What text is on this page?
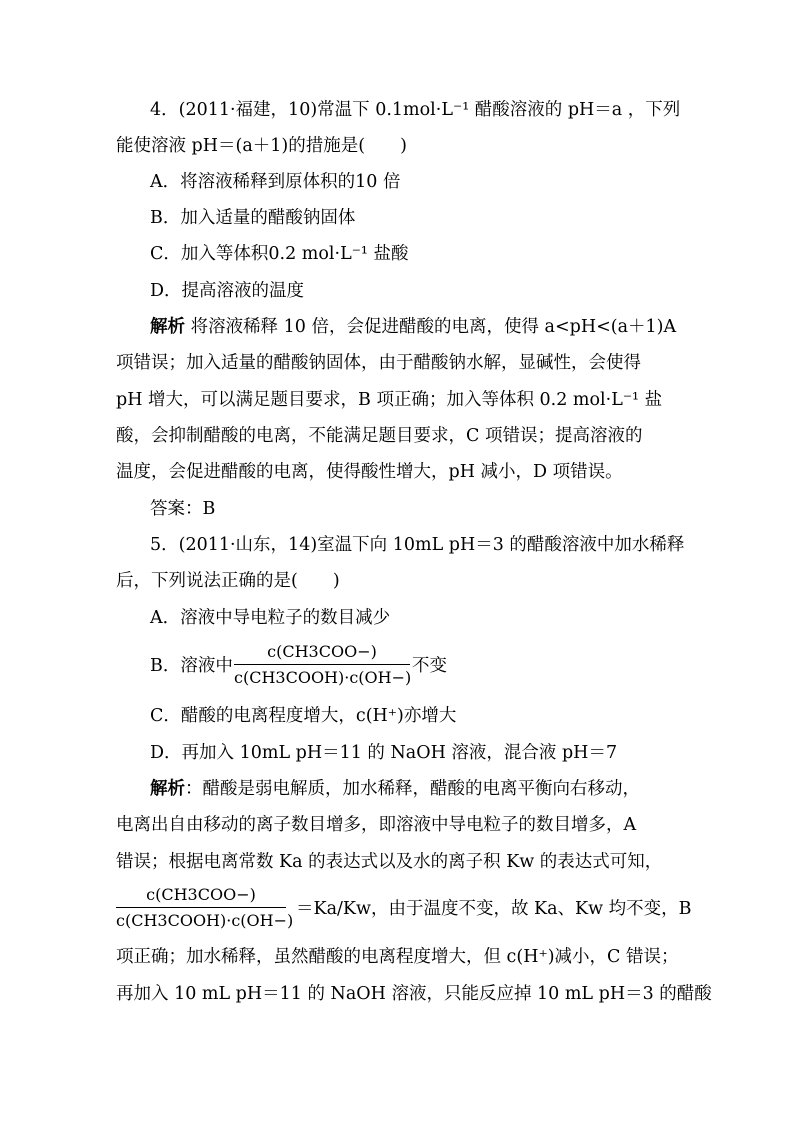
4．(2011·福建，10)常温下 0.1mol·L⁻¹ 醋酸溶液的 pH＝a ，下列
能使溶液 pH＝(a＋1)的措施是(　　)
A．将溶液稀释到原体积的10 倍
B．加入适量的醋酸钠固体
C．加入等体积0.2 mol·L⁻¹ 盐酸
D．提高溶液的温度
解析 将溶液稀释 10 倍，会促进醋酸的电离，使得 a<pH<(a＋1)A
项错误；加入适量的醋酸钠固体，由于醋酸钠水解，显碱性，会使得
pH 增大，可以满足题目要求，B 项正确；加入等体积 0.2 mol·L⁻¹ 盐
酸，会抑制醋酸的电离，不能满足题目要求，C 项错误；提高溶液的
温度，会促进醋酸的电离，使得酸性增大，pH 减小，D 项错误。
答案：B
5．(2011·山东，14)室温下向 10mL pH＝3 的醋酸溶液中加水稀释
后，下列说法正确的是(　　)
A．溶液中导电粒子的数目减少
B．溶液中
c(CH3COO−)
c(CH3COOH)·c(OH−)
不变
C．醋酸的电离程度增大，c(H⁺)亦增大
D．再加入 10mL pH＝11 的 NaOH 溶液，混合液 pH＝7
解析：醋酸是弱电解质，加水稀释，醋酸的电离平衡向右移动，
电离出自由移动的离子数目增多，即溶液中导电粒子的数目增多，A
错误；根据电离常数 Ka 的表达式以及水的离子积 Kw 的表达式可知，
c(CH3COO−)
c(CH3COOH)·c(OH−)
＝Ka/Kw，由于温度不变，故 Ka、Kw 均不变，B
项正确；加水稀释，虽然醋酸的电离程度增大，但 c(H⁺)减小，C 错误；
再加入 10 mL pH＝11 的 NaOH 溶液，只能反应掉 10 mL pH＝3 的醋酸
